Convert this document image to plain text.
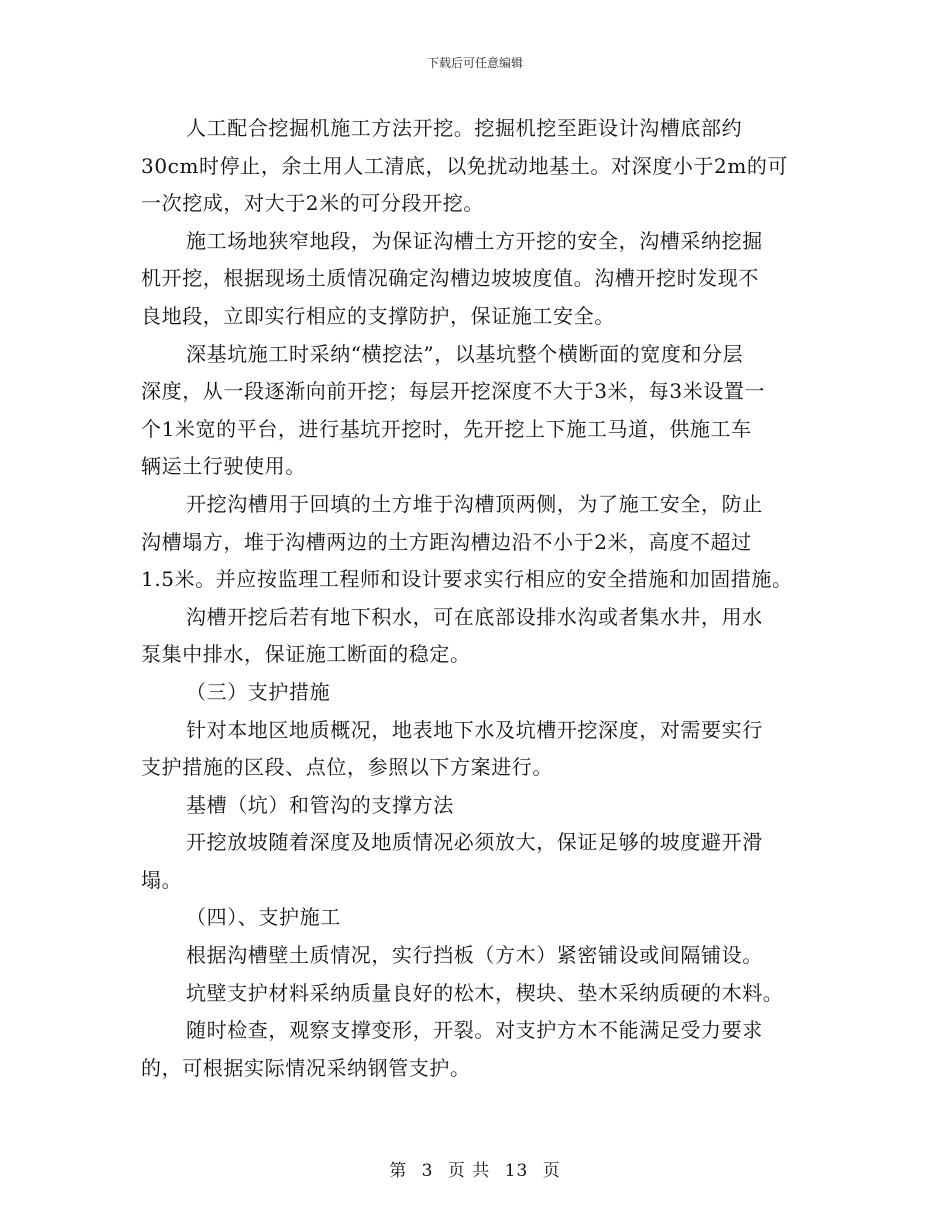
下载后可任意编辑
人工配合挖掘机施工方法开挖。挖掘机挖至距设计沟槽底部约
30cm时停止，余土用人工清底，以免扰动地基土。对深度小于2m的可
一次挖成，对大于2米的可分段开挖。
施工场地狭窄地段，为保证沟槽土方开挖的安全，沟槽采纳挖掘
机开挖，根据现场土质情况确定沟槽边坡坡度值。沟槽开挖时发现不
良地段，立即实行相应的支撑防护，保证施工安全。
深基坑施工时采纳“横挖法”，以基坑整个横断面的宽度和分层
深度，从一段逐渐向前开挖；每层开挖深度不大于3米，每3米设置一
个1米宽的平台，进行基坑开挖时，先开挖上下施工马道，供施工车
辆运土行驶使用。
开挖沟槽用于回填的土方堆于沟槽顶两侧，为了施工安全，防止
沟槽塌方，堆于沟槽两边的土方距沟槽边沿不小于2米，高度不超过
1.5米。并应按监理工程师和设计要求实行相应的安全措施和加固措施。
沟槽开挖后若有地下积水，可在底部设排水沟或者集水井，用水
泵集中排水，保证施工断面的稳定。
（三）支护措施
针对本地区地质概况，地表地下水及坑槽开挖深度，对需要实行
支护措施的区段、点位，参照以下方案进行。
基槽（坑）和管沟的支撑方法
开挖放坡随着深度及地质情况必须放大，保证足够的坡度避开滑
塌。
（四）、支护施工
根据沟槽壁土质情况，实行挡板（方木）紧密铺设或间隔铺设。
坑壁支护材料采纳质量良好的松木，楔块、垫木采纳质硬的木料。
随时检查，观察支撑变形，开裂。对支护方木不能满足受力要求
的，可根据实际情况采纳钢管支护。
第 3 页 共 13 页
